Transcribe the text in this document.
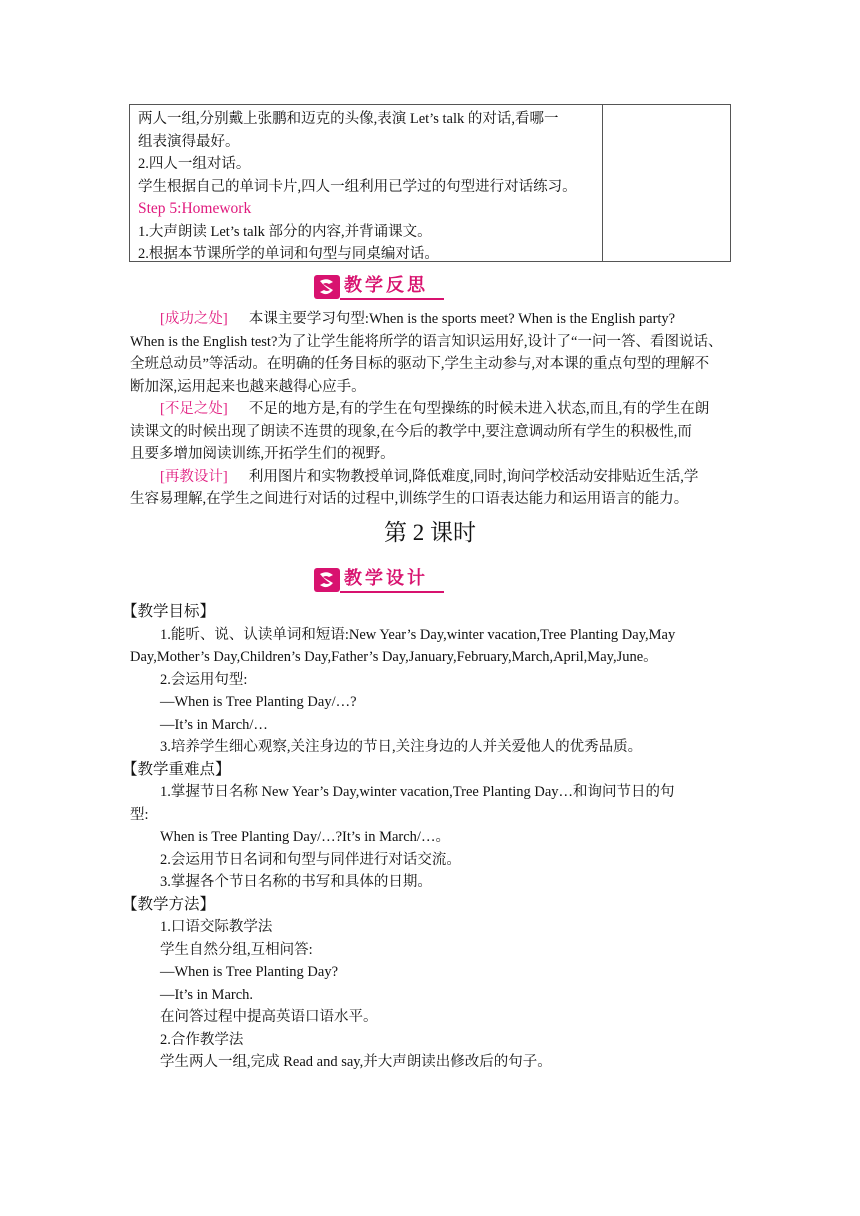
两人一组,分别戴上张鹏和迈克的头像,表演 Let’s talk 的对话,看哪一
组表演得最好。
2.四人一组对话。
学生根据自己的单词卡片,四人一组利用已学过的句型进行对话练习。
Step 5:Homework
1.大声朗读 Let’s talk 部分的内容,并背诵课文。
2.根据本节课所学的单词和句型与同桌编对话。
教学反思
[成功之处] 本课主要学习句型:When is the sports meet? When is the English party?
When is the English test?为了让学生能将所学的语言知识运用好,设计了“一问一答、看图说话、
全班总动员”等活动。在明确的任务目标的驱动下,学生主动参与,对本课的重点句型的理解不
断加深,运用起来也越来越得心应手。
[不足之处] 不足的地方是,有的学生在句型操练的时候未进入状态,而且,有的学生在朗
读课文的时候出现了朗读不连贯的现象,在今后的教学中,要注意调动所有学生的积极性,而
且要多增加阅读训练,开拓学生们的视野。
[再教设计] 利用图片和实物教授单词,降低难度,同时,询问学校活动安排贴近生活,学
生容易理解,在学生之间进行对话的过程中,训练学生的口语表达能力和运用语言的能力。
第 2 课时
教学设计
【教学目标】
1.能听、说、认读单词和短语:New Year’s Day,winter vacation,Tree Planting Day,May
Day,Mother’s Day,Children’s Day,Father’s Day,January,February,March,April,May,June。
2.会运用句型:
—When is Tree Planting Day/…?
—It’s in March/…
3.培养学生细心观察,关注身边的节日,关注身边的人并关爱他人的优秀品质。
【教学重难点】
1.掌握节日名称 New Year’s Day,winter vacation,Tree Planting Day…和询问节日的句
型:
When is Tree Planting Day/…?It’s in March/…。
2.会运用节日名词和句型与同伴进行对话交流。
3.掌握各个节日名称的书写和具体的日期。
【教学方法】
1.口语交际教学法
学生自然分组,互相问答:
—When is Tree Planting Day?
—It’s in March.
在问答过程中提高英语口语水平。
2.合作教学法
学生两人一组,完成 Read and say,并大声朗读出修改后的句子。
